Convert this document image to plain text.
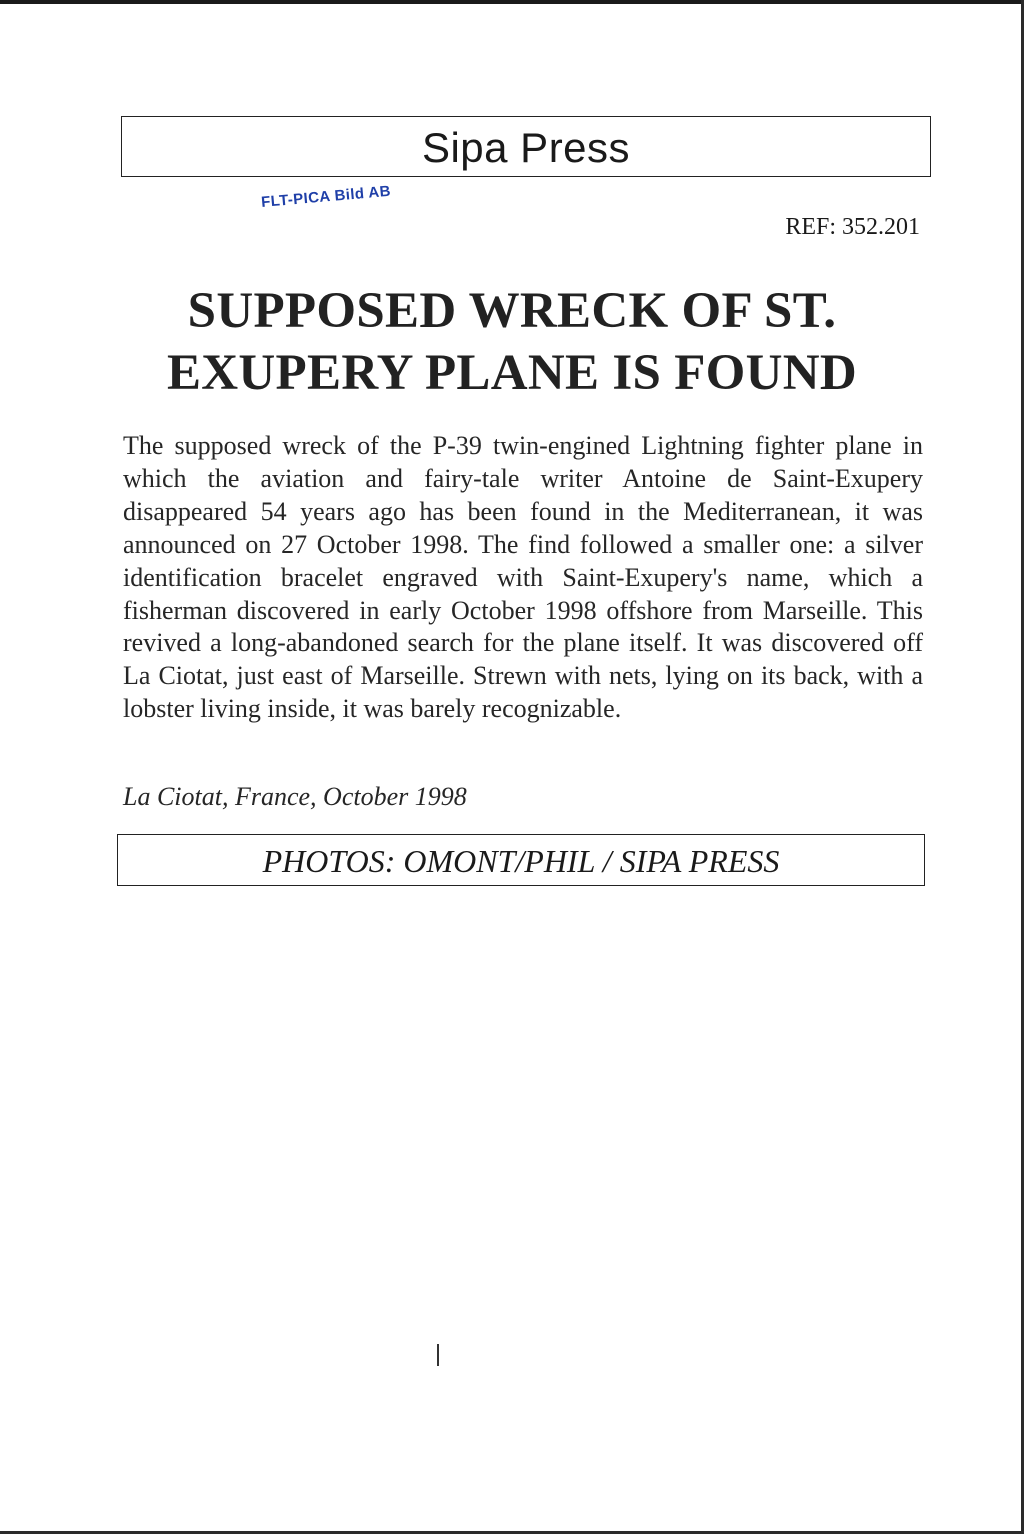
Sipa Press
FLT-PICA Bild AB
REF: 352.201
SUPPOSED WRECK OF ST.
EXUPERY PLANE IS FOUND
The supposed wreck of the P-39 twin-engined Lightning fighter plane in which the aviation and fairy-tale writer Antoine de Saint-Exupery disappeared 54 years ago has been found in the Mediterranean, it was announced on 27 October 1998. The find followed a smaller one: a silver identification bracelet engraved with Saint-Exupery's name, which a fisherman discovered in early October 1998 offshore from Marseille. This revived a long-abandoned search for the plane itself. It was discovered off La Ciotat, just east of Marseille. Strewn with nets, lying on its back, with a lobster living inside, it was barely recognizable.
La Ciotat, France, October 1998
PHOTOS: OMONT/PHIL / SIPA PRESS
